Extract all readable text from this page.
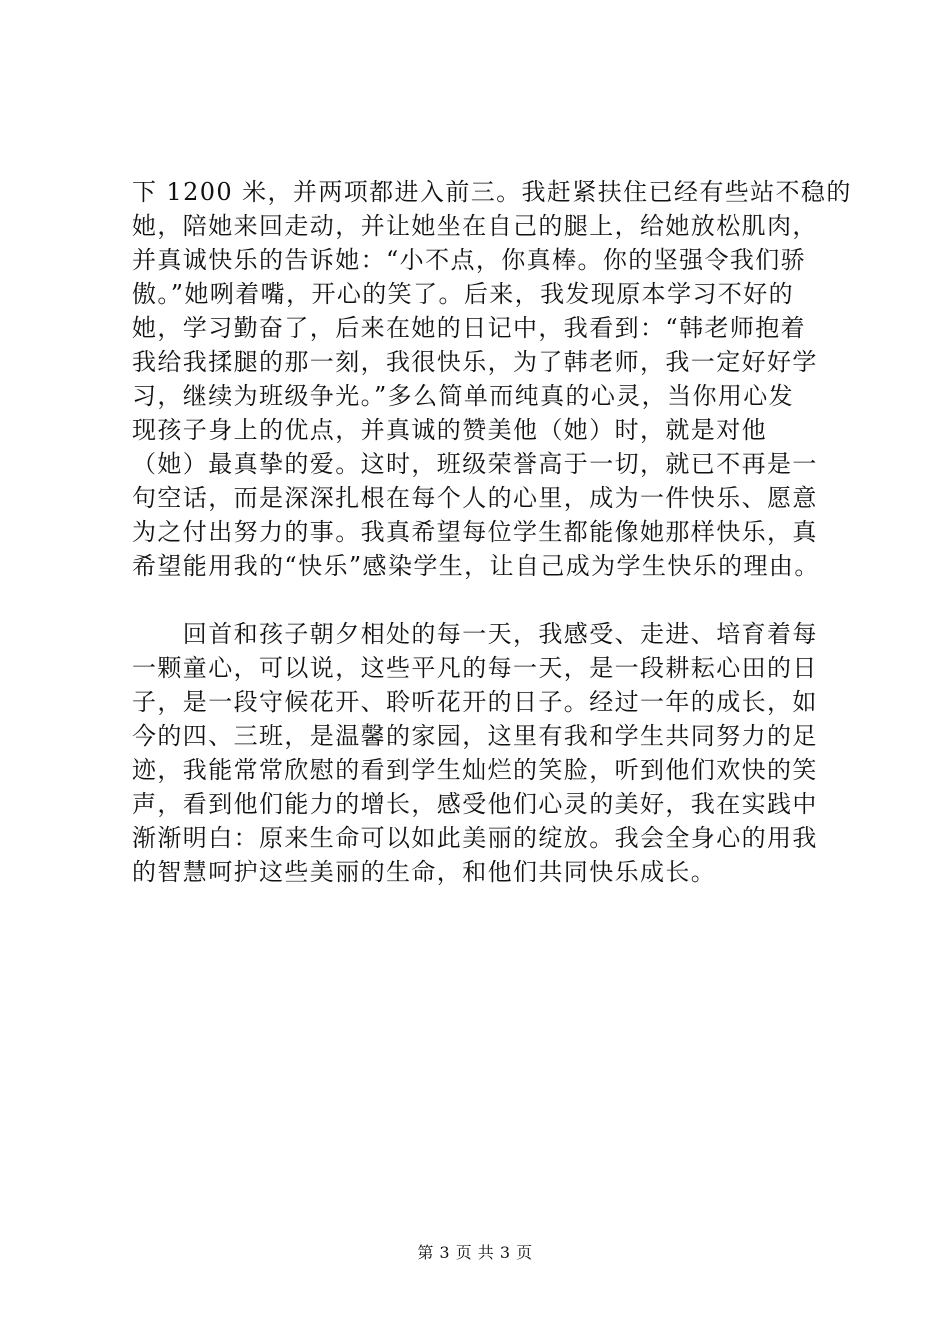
下 1200 米，并两项都进入前三。我赶紧扶住已经有些站不稳的
她，陪她来回走动，并让她坐在自己的腿上，给她放松肌肉，
并真诚快乐的告诉她：“小不点，你真棒。你的坚强令我们骄
傲。”她咧着嘴，开心的笑了。后来，我发现原本学习不好的
她，学习勤奋了，后来在她的日记中，我看到：“韩老师抱着
我给我揉腿的那一刻，我很快乐，为了韩老师，我一定好好学
习，继续为班级争光。”多么简单而纯真的心灵，当你用心发
现孩子身上的优点，并真诚的赞美他（她）时，就是对他
（她）最真挚的爱。这时，班级荣誉高于一切，就已不再是一
句空话，而是深深扎根在每个人的心里，成为一件快乐、愿意
为之付出努力的事。我真希望每位学生都能像她那样快乐，真
希望能用我的“快乐”感染学生，让自己成为学生快乐的理由。
　　回首和孩子朝夕相处的每一天，我感受、走进、培育着每
一颗童心，可以说，这些平凡的每一天，是一段耕耘心田的日
子，是一段守候花开、聆听花开的日子。经过一年的成长，如
今的四、三班，是温馨的家园，这里有我和学生共同努力的足
迹，我能常常欣慰的看到学生灿烂的笑脸，听到他们欢快的笑
声，看到他们能力的增长，感受他们心灵的美好，我在实践中
渐渐明白：原来生命可以如此美丽的绽放。我会全身心的用我
的智慧呵护这些美丽的生命，和他们共同快乐成长。
第 3 页 共 3 页
